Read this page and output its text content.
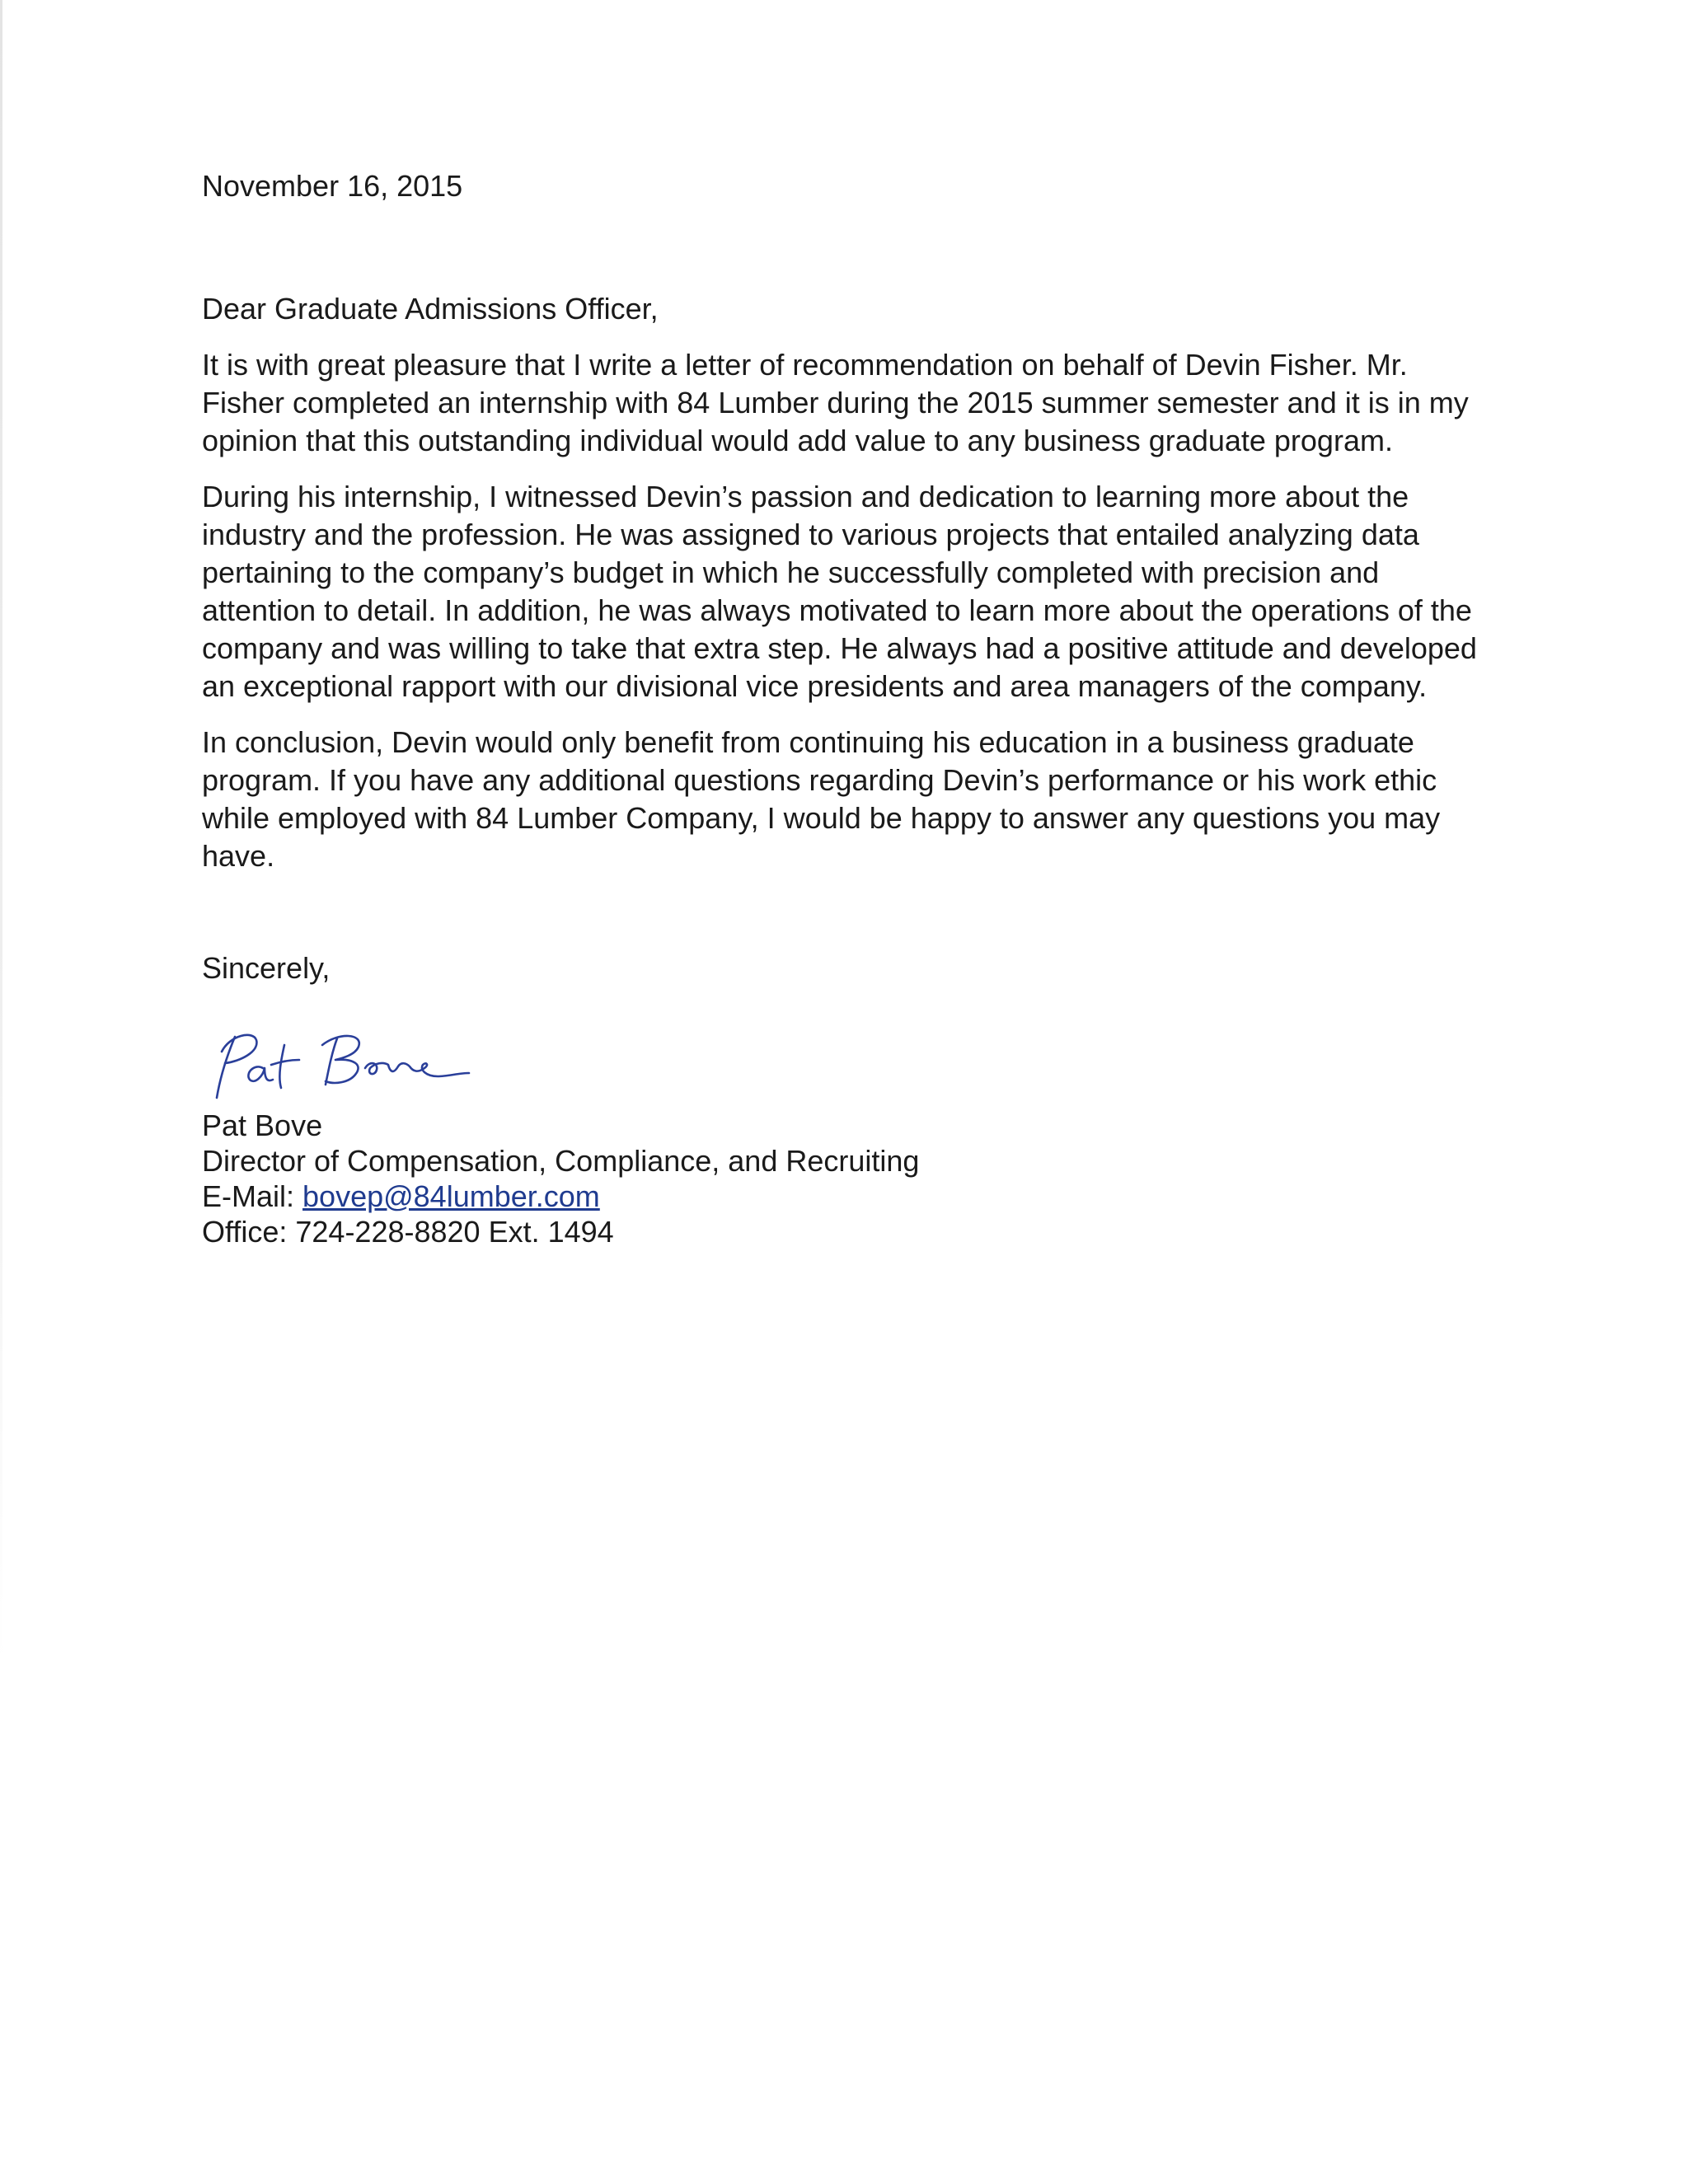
November 16, 2015

Dear Graduate Admissions Officer,

It is with great pleasure that I write a letter of recommendation on behalf of Devin Fisher. Mr. Fisher completed an internship with 84 Lumber during the 2015 summer semester and it is in my opinion that this outstanding individual would add value to any business graduate program.

During his internship, I witnessed Devin’s passion and dedication to learning more about the industry and the profession. He was assigned to various projects that entailed analyzing data pertaining to the company’s budget in which he successfully completed with precision and attention to detail. In addition, he was always motivated to learn more about the operations of the company and was willing to take that extra step. He always had a positive attitude and developed an exceptional rapport with our divisional vice presidents and area managers of the company.

In conclusion, Devin would only benefit from continuing his education in a business graduate program. If you have any additional questions regarding Devin’s performance or his work ethic while employed with 84 Lumber Company, I would be happy to answer any questions you may have.

Sincerely,

Pat Bove
Director of Compensation, Compliance, and Recruiting
E-Mail: bovep@84lumber.com
Office: 724-228-8820 Ext. 1494
